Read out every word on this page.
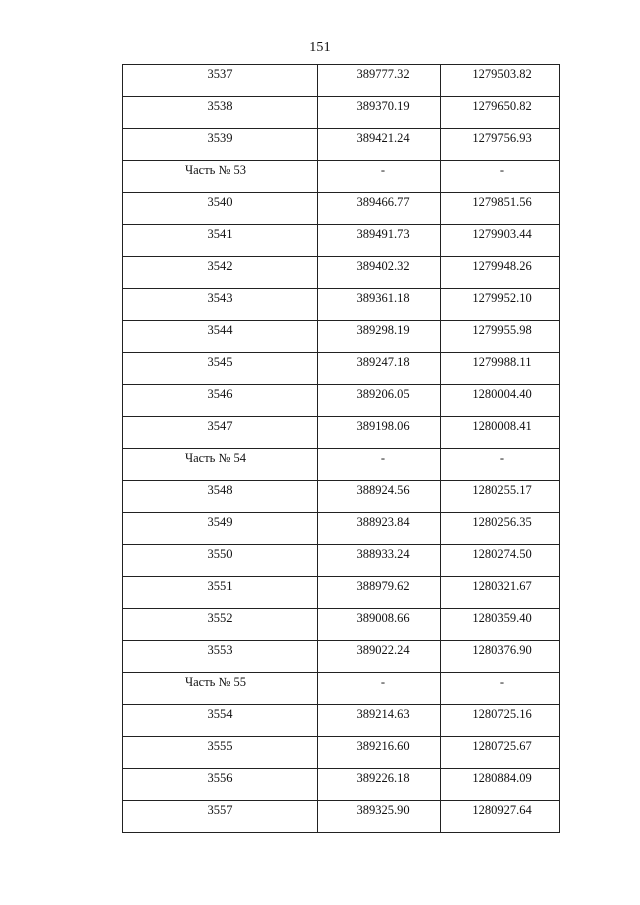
151
3537	389777.32	1279503.82

3538	389370.19	1279650.82

3539	389421.24	1279756.93

Часть № 53	-	-

3540	389466.77	1279851.56

3541	389491.73	1279903.44

3542	389402.32	1279948.26

3543	389361.18	1279952.10

3544	389298.19	1279955.98

3545	389247.18	1279988.11

3546	389206.05	1280004.40

3547	389198.06	1280008.41

Часть № 54	-	-

3548	388924.56	1280255.17

3549	388923.84	1280256.35

3550	388933.24	1280274.50

3551	388979.62	1280321.67

3552	389008.66	1280359.40

3553	389022.24	1280376.90

Часть № 55	-	-

3554	389214.63	1280725.16

3555	389216.60	1280725.67

3556	389226.18	1280884.09

3557	389325.90	1280927.64
